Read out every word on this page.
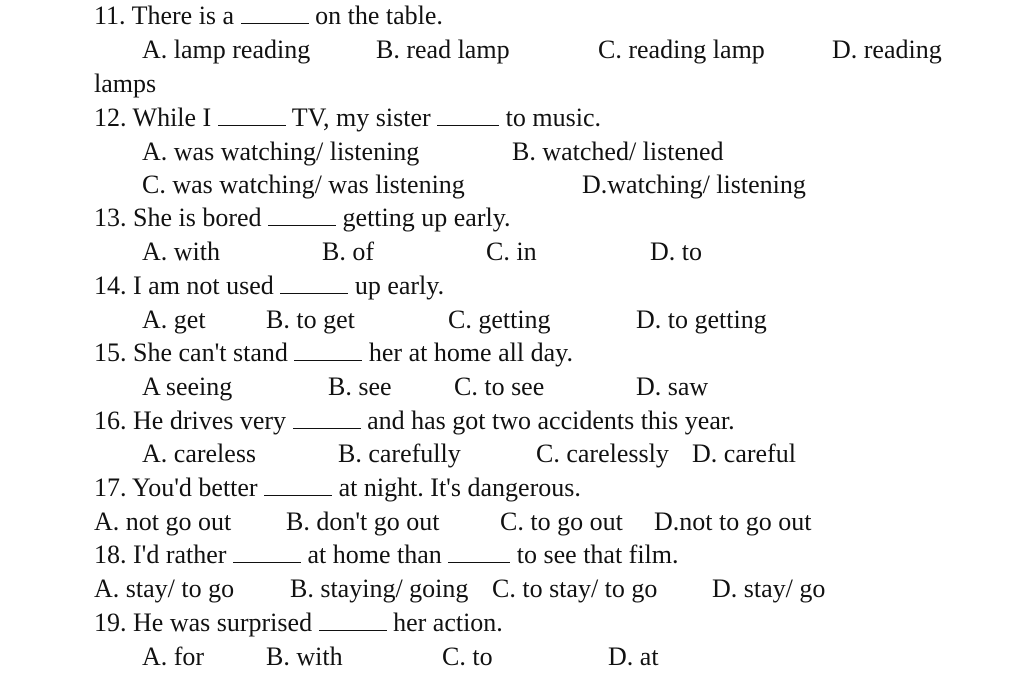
11. There is a	on the table.
A. lamp reading	B. read lamp	C. reading lamp	D. reading
lamps
12. While I	TV, my sister	to music.
A. was watching/ listening	B. watched/ listened
C. was watching/ was listening	D.watching/ listening
13. She is bored	getting up early.
A. with	B. of	C. in	D. to
14. I am not used	up early.
A. get B. to get	C. getting	D. to getting
15. She can't stand	her at home all day.
A seeing	B. see C. to see	D. saw
16. He drives very	and has got two accidents this year.
A. careless	B. carefully	C. carelessly D. careful
17. You'd better	at night. It's dangerous.
A. not go out B. don't go out C. to go out D.not to go out
18. I'd rather	at home than	to see that film.
A. stay/ to go B. staying/ going C. to stay/ to go D. stay/ go
19. He was surprised	her action.
A. for B. with	C. to	D. at
